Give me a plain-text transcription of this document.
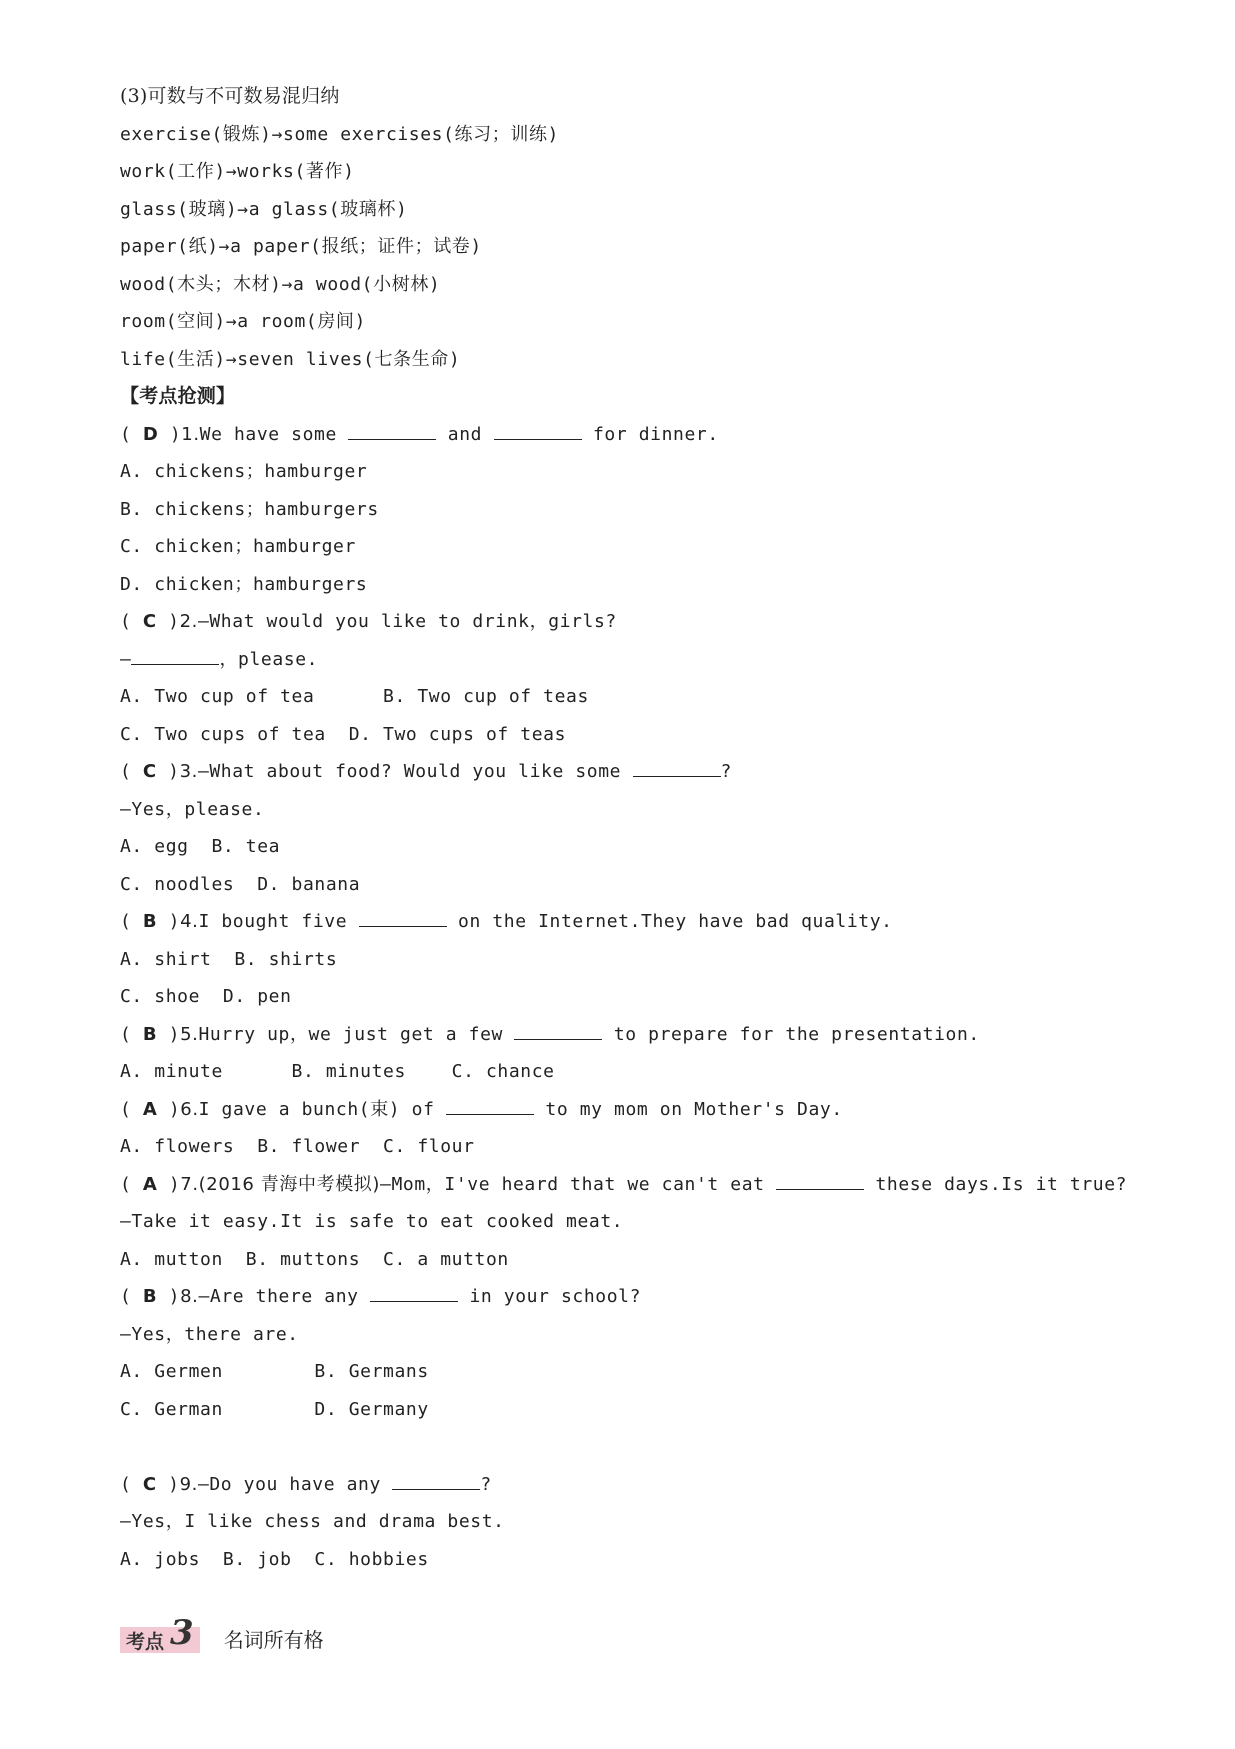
(3)可数与不可数易混归纳
exercise(锻炼)→some exercises(练习；训练)
work(工作)→works(著作)
glass(玻璃)→a glass(玻璃杯)
paper(纸)→a paper(报纸；证件；试卷)
wood(木头；木材)→a wood(小树林)
room(空间)→a room(房间)
life(生活)→seven lives(七条生命)
【考点抢测】
( D )1.We have some	and	for dinner.
A. chickens；hamburger
B. chickens；hamburgers
C. chicken；hamburger
D. chicken；hamburgers
( C )2.—What would you like to drink，girls?
—	，please.
A. Two cup of tea      B. Two cup of teas
C. Two cups of tea  D. Two cups of teas
( C )3.—What about food? Would you like some	?
—Yes，please.
A. egg  B. tea
C. noodles  D. banana
( B )4.I bought five	on the Internet.They have bad quality.
A. shirt  B. shirts
C. shoe  D. pen
( B )5.Hurry up，we just get a few	to prepare for the presentation.
A. minute      B. minutes    C. chance
( A )6.I gave a bunch(束) of	to my mom on Mother's Day.
A. flowers  B. flower  C. flour
( A )7.(2016 青海中考模拟)—Mom，I've heard that we can't eat	these days.Is it true?
—Take it easy.It is safe to eat cooked meat.
A. mutton  B. muttons  C. a mutton
( B )8.—Are there any	in your school?
—Yes，there are.
A. Germen        B. Germans
C. German        D. Germany
( C )9.—Do you have any	?
—Yes，I like chess and drama best.
A. jobs  B. job  C. hobbies
考点 3 名词所有格
